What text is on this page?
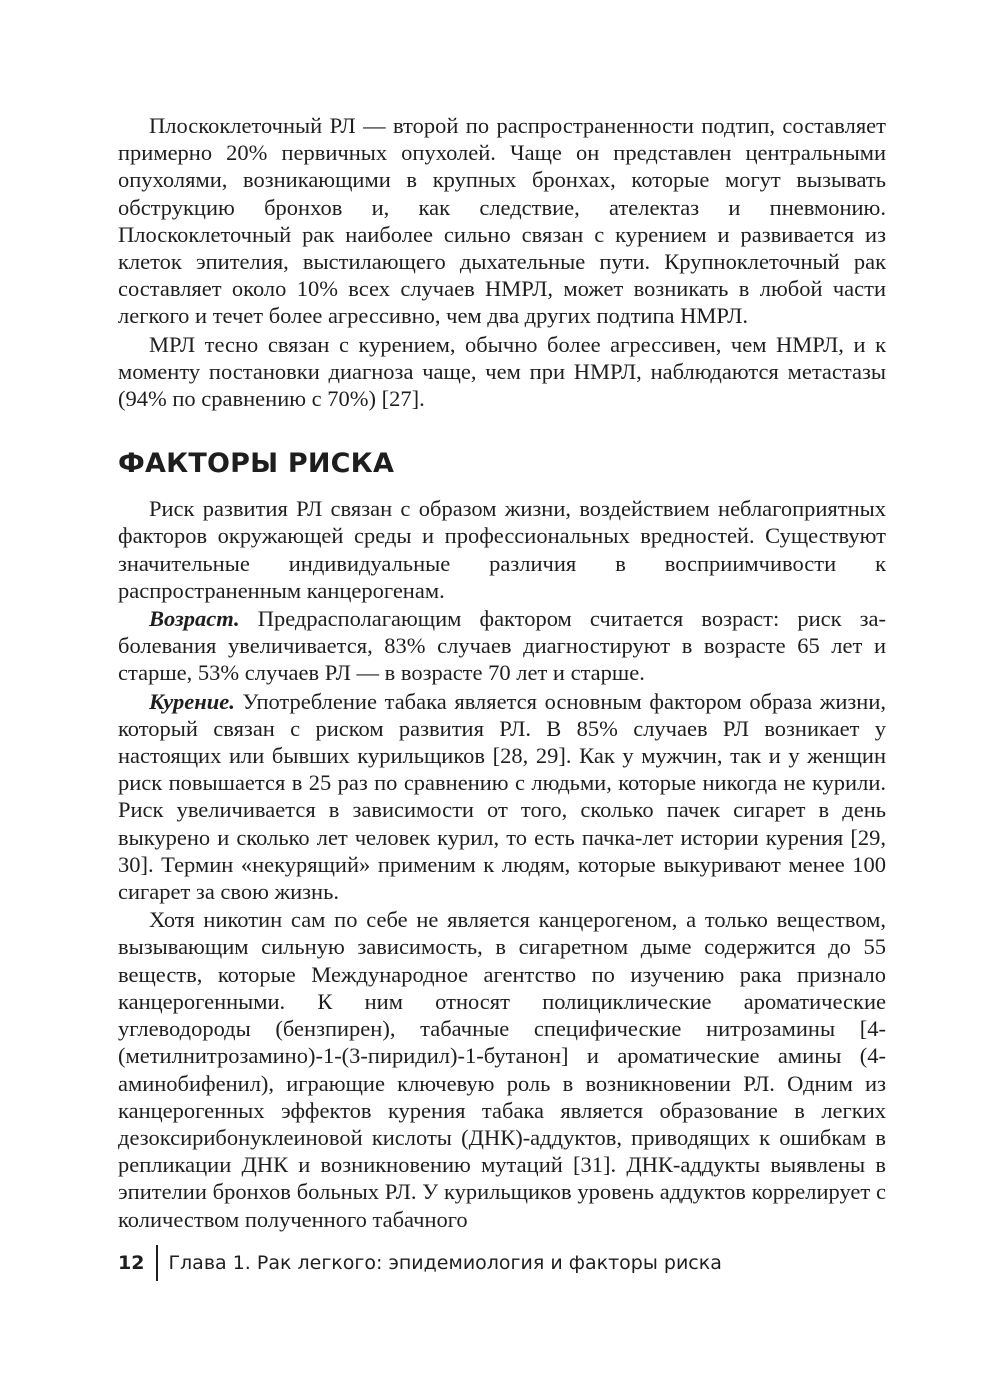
Плоскоклеточный РЛ — второй по распространенности подтип, составляет примерно 20% первичных опухолей. Чаще он представлен центральными опухолями, возникающими в крупных бронхах, которые могут вызывать обструкцию бронхов и, как следствие, ателектаз и пневмонию. Плоскоклеточный рак наиболее сильно связан с курением и развивается из клеток эпителия, выстилающего дыхательные пути. Крупноклеточный рак составляет около 10% всех случаев НМРЛ, может возникать в любой части легкого и течет более агрессивно, чем два других подтипа НМРЛ.

МРЛ тесно связан с курением, обычно более агрессивен, чем НМРЛ, и к моменту постановки диагноза чаще, чем при НМРЛ, наблюдаются метастазы (94% по сравнению с 70%) [27].

ФАКТОРЫ РИСКА

Риск развития РЛ связан с образом жизни, воздействием неблагоприятных факторов окружающей среды и профессиональных вредностей. Существуют значительные индивидуальные различия в восприимчивости к распространенным канцерогенам.

Возраст. Предрасполагающим фактором считается возраст: риск заболевания увеличивается, 83% случаев диагностируют в возрасте 65 лет и старше, 53% случаев РЛ — в возрасте 70 лет и старше.

Курение. Употребление табака является основным фактором образа жизни, который связан с риском развития РЛ. В 85% случаев РЛ возникает у настоящих или бывших курильщиков [28, 29]. Как у мужчин, так и у женщин риск повышается в 25 раз по сравнению с людьми, которые никогда не курили. Риск увеличивается в зависимости от того, сколько пачек сигарет в день выкурено и сколько лет человек курил, то есть пачка-лет истории курения [29, 30]. Термин «некурящий» применим к людям, которые выкуривают менее 100 сигарет за свою жизнь.

Хотя никотин сам по себе не является канцерогеном, а только веществом, вызывающим сильную зависимость, в сигаретном дыме содержится до 55 веществ, которые Международное агентство по изучению рака признало канцерогенными. К ним относят полициклические ароматические углеводороды (бензпирен), табачные специфические нитрозамины [4-(метилнитрозамино)-1-(3-пиридил)-1-бутанон] и ароматические амины (4-аминобифенил), играющие ключевую роль в возникновении РЛ. Одним из канцерогенных эффектов курения табака является образование в легких дезоксирибонуклеиновой кислоты (ДНК)-аддуктов, приводящих к ошибкам в репликации ДНК и возникновению мутаций [31]. ДНК-аддукты выявлены в эпителии бронхов больных РЛ. У курильщиков уровень аддуктов коррелирует с количеством полученного табачного

12	Глава 1. Рак легкого: эпидемиология и факторы риска
